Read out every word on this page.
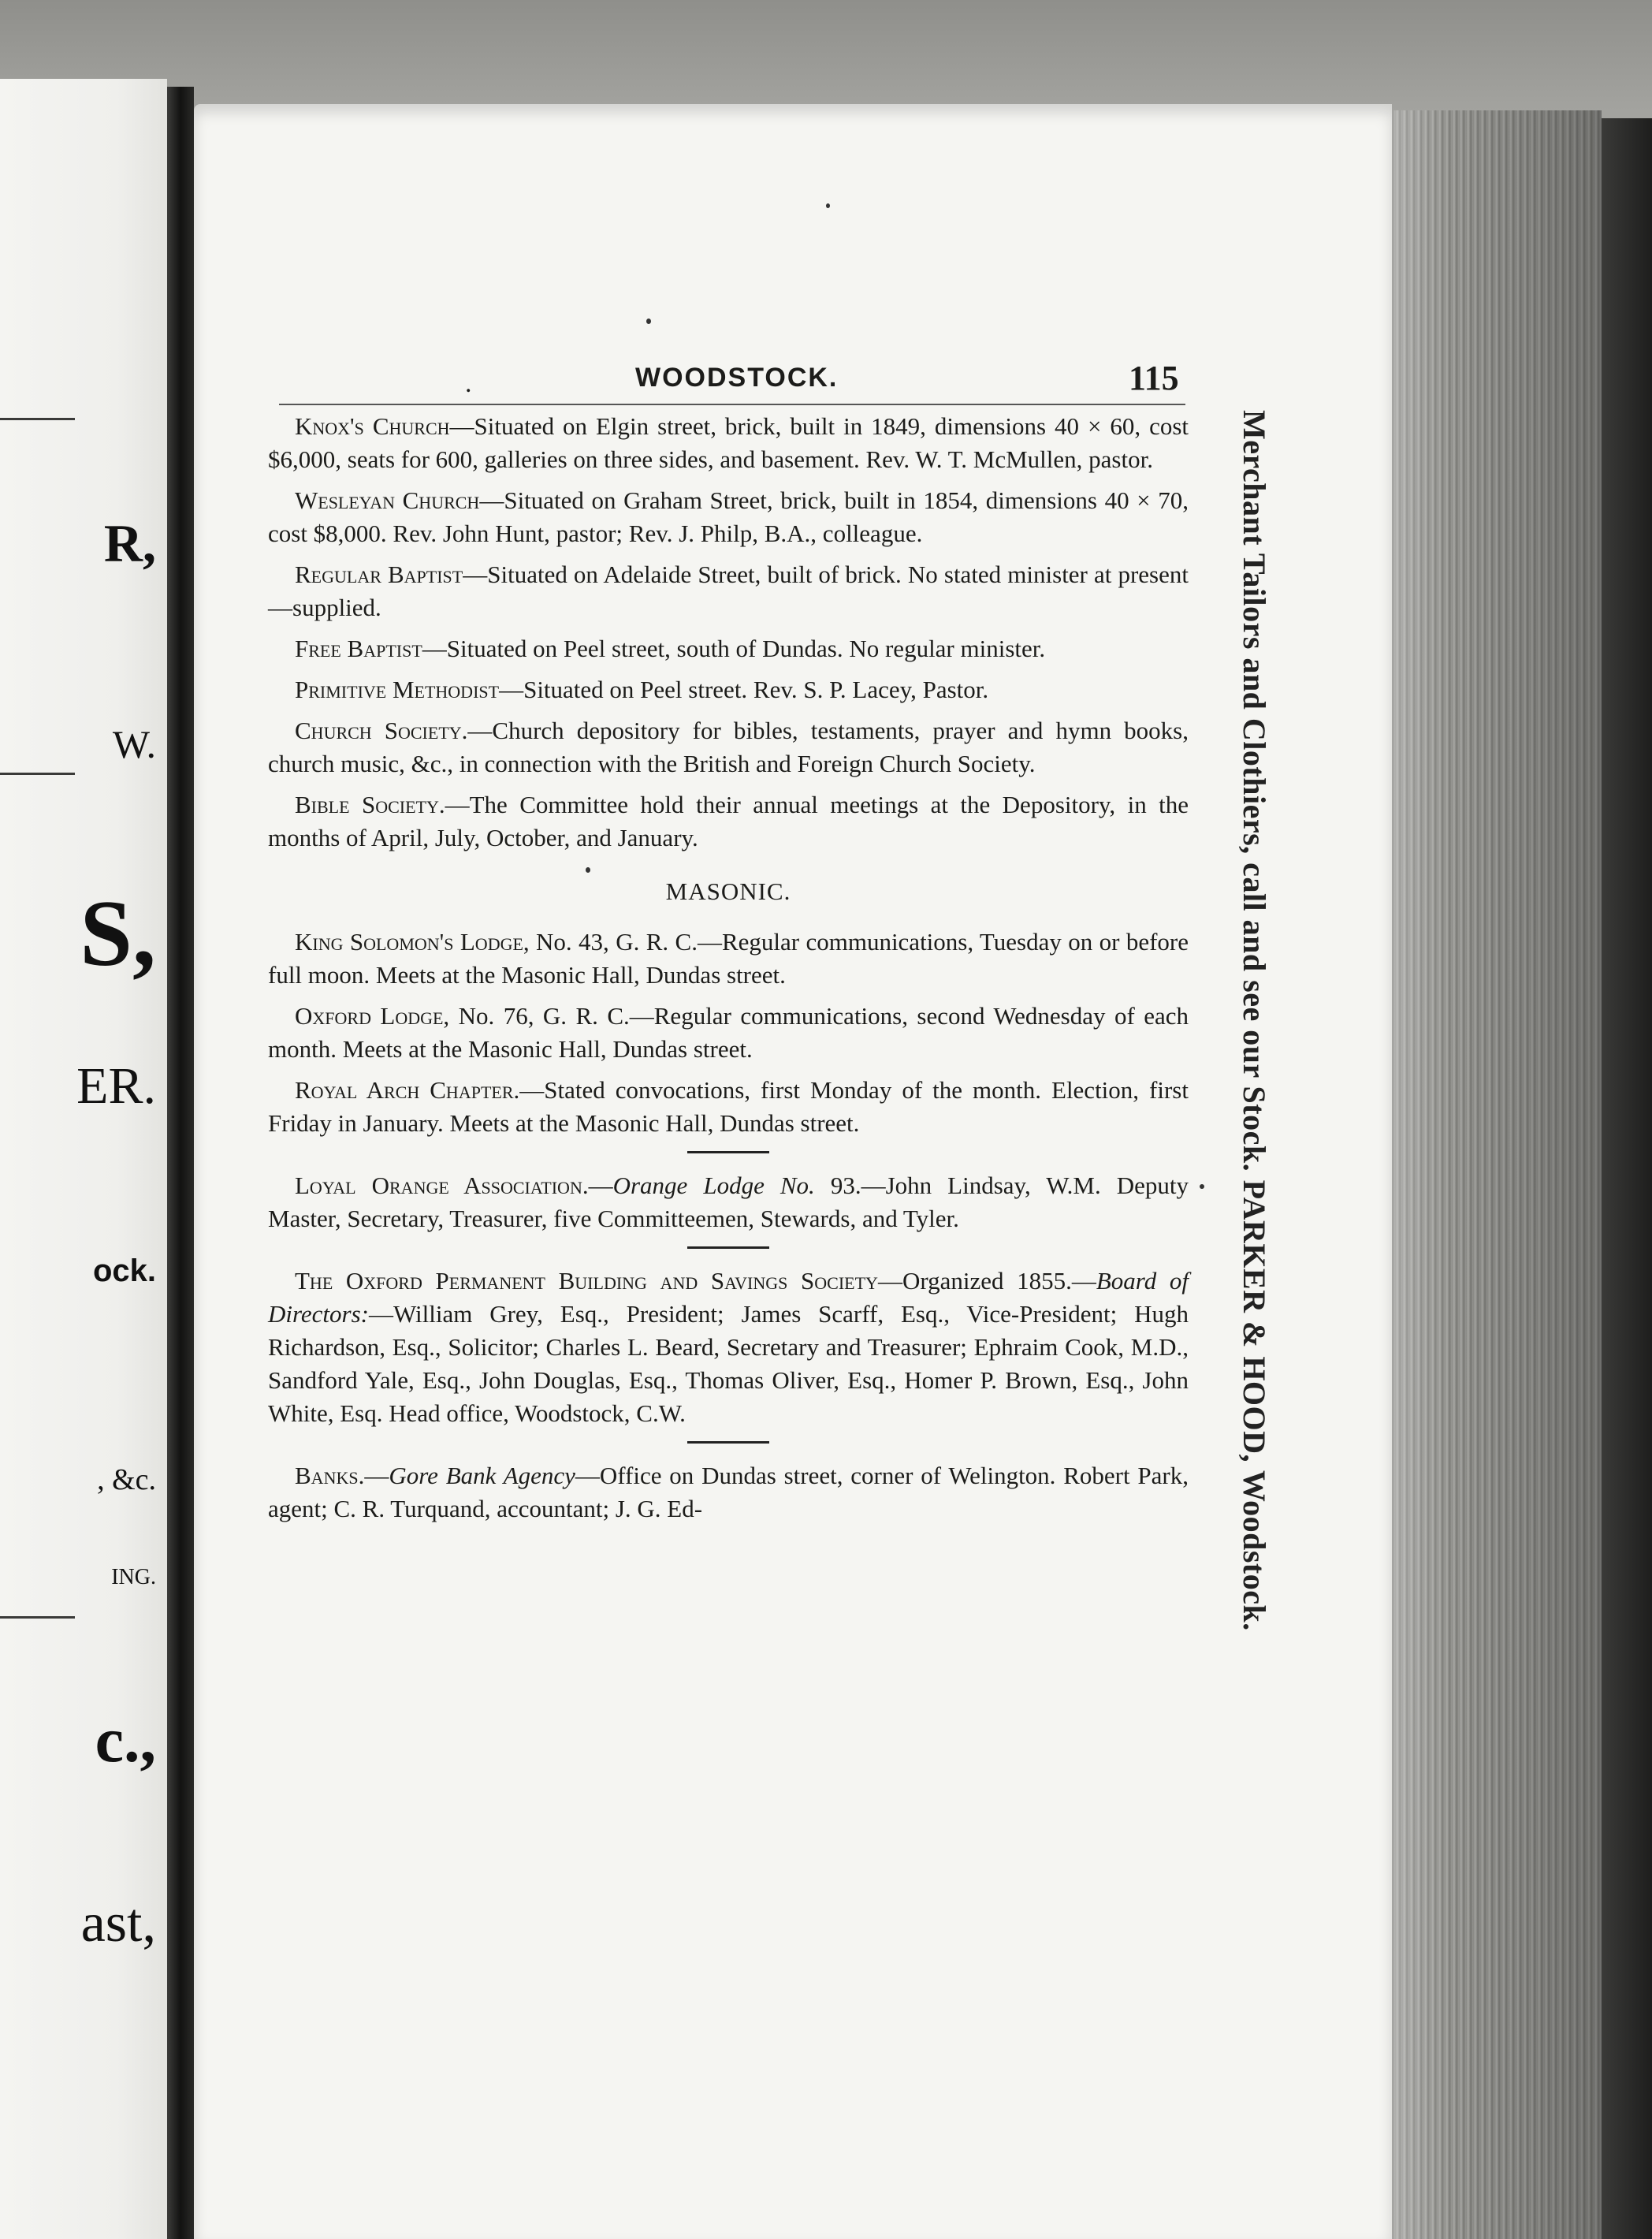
R,
W.
S,
ER.
ock.
, &c.
ING.
c.,
ast,
.	WOODSTOCK.	115

Knox's Church—Situated on Elgin street, brick, built in 1849, dimensions 40 × 60, cost $6,000, seats for 600, galleries on three sides, and basement. Rev. W. T. McMullen, pastor.

Wesleyan Church—Situated on Graham Street, brick, built in 1854, dimensions 40 × 70, cost $8,000. Rev. John Hunt, pastor; Rev. J. Philp, B.A., colleague.

Regular Baptist—Situated on Adelaide Street, built of brick. No stated minister at present—supplied.

Free Baptist—Situated on Peel street, south of Dundas. No regular minister.

Primitive Methodist—Situated on Peel street. Rev. S. P. Lacey, Pastor.

Church Society.—Church depository for bibles, testaments, prayer and hymn books, church music, &c., in connection with the British and Foreign Church Society.

Bible Society.—The Committee hold their annual meetings at the Depository, in the months of April, July, October, and January.

MASONIC.

King Solomon's Lodge, No. 43, G. R. C.—Regular communications, Tuesday on or before full moon. Meets at the Masonic Hall, Dundas street.

Oxford Lodge, No. 76, G. R. C.—Regular communications, second Wednesday of each month. Meets at the Masonic Hall, Dundas street.

Royal Arch Chapter.—Stated convocations, first Monday of the month. Election, first Friday in January. Meets at the Masonic Hall, Dundas street.

Loyal Orange Association.—Orange Lodge No. 93.—John Lindsay, W.M. Deputy Master, Secretary, Treasurer, five Committeemen, Stewards, and Tyler.

The Oxford Permanent Building and Savings Society—Organized 1855.—Board of Directors:—William Grey, Esq., President; James Scarff, Esq., Vice-President; Hugh Richardson, Esq., Solicitor; Charles L. Beard, Secretary and Treasurer; Ephraim Cook, M.D., Sandford Yale, Esq., John Douglas, Esq., Thomas Oliver, Esq., Homer P. Brown, Esq., John White, Esq. Head office, Woodstock, C.W.

Banks.—Gore Bank Agency—Office on Dundas street, corner of Welington. Robert Park, agent; C. R. Turquand, accountant; J. G. Ed-	Merchant Tailors and Clothiers, call and see our Stock. PARKER & HOOD, Woodstock.
